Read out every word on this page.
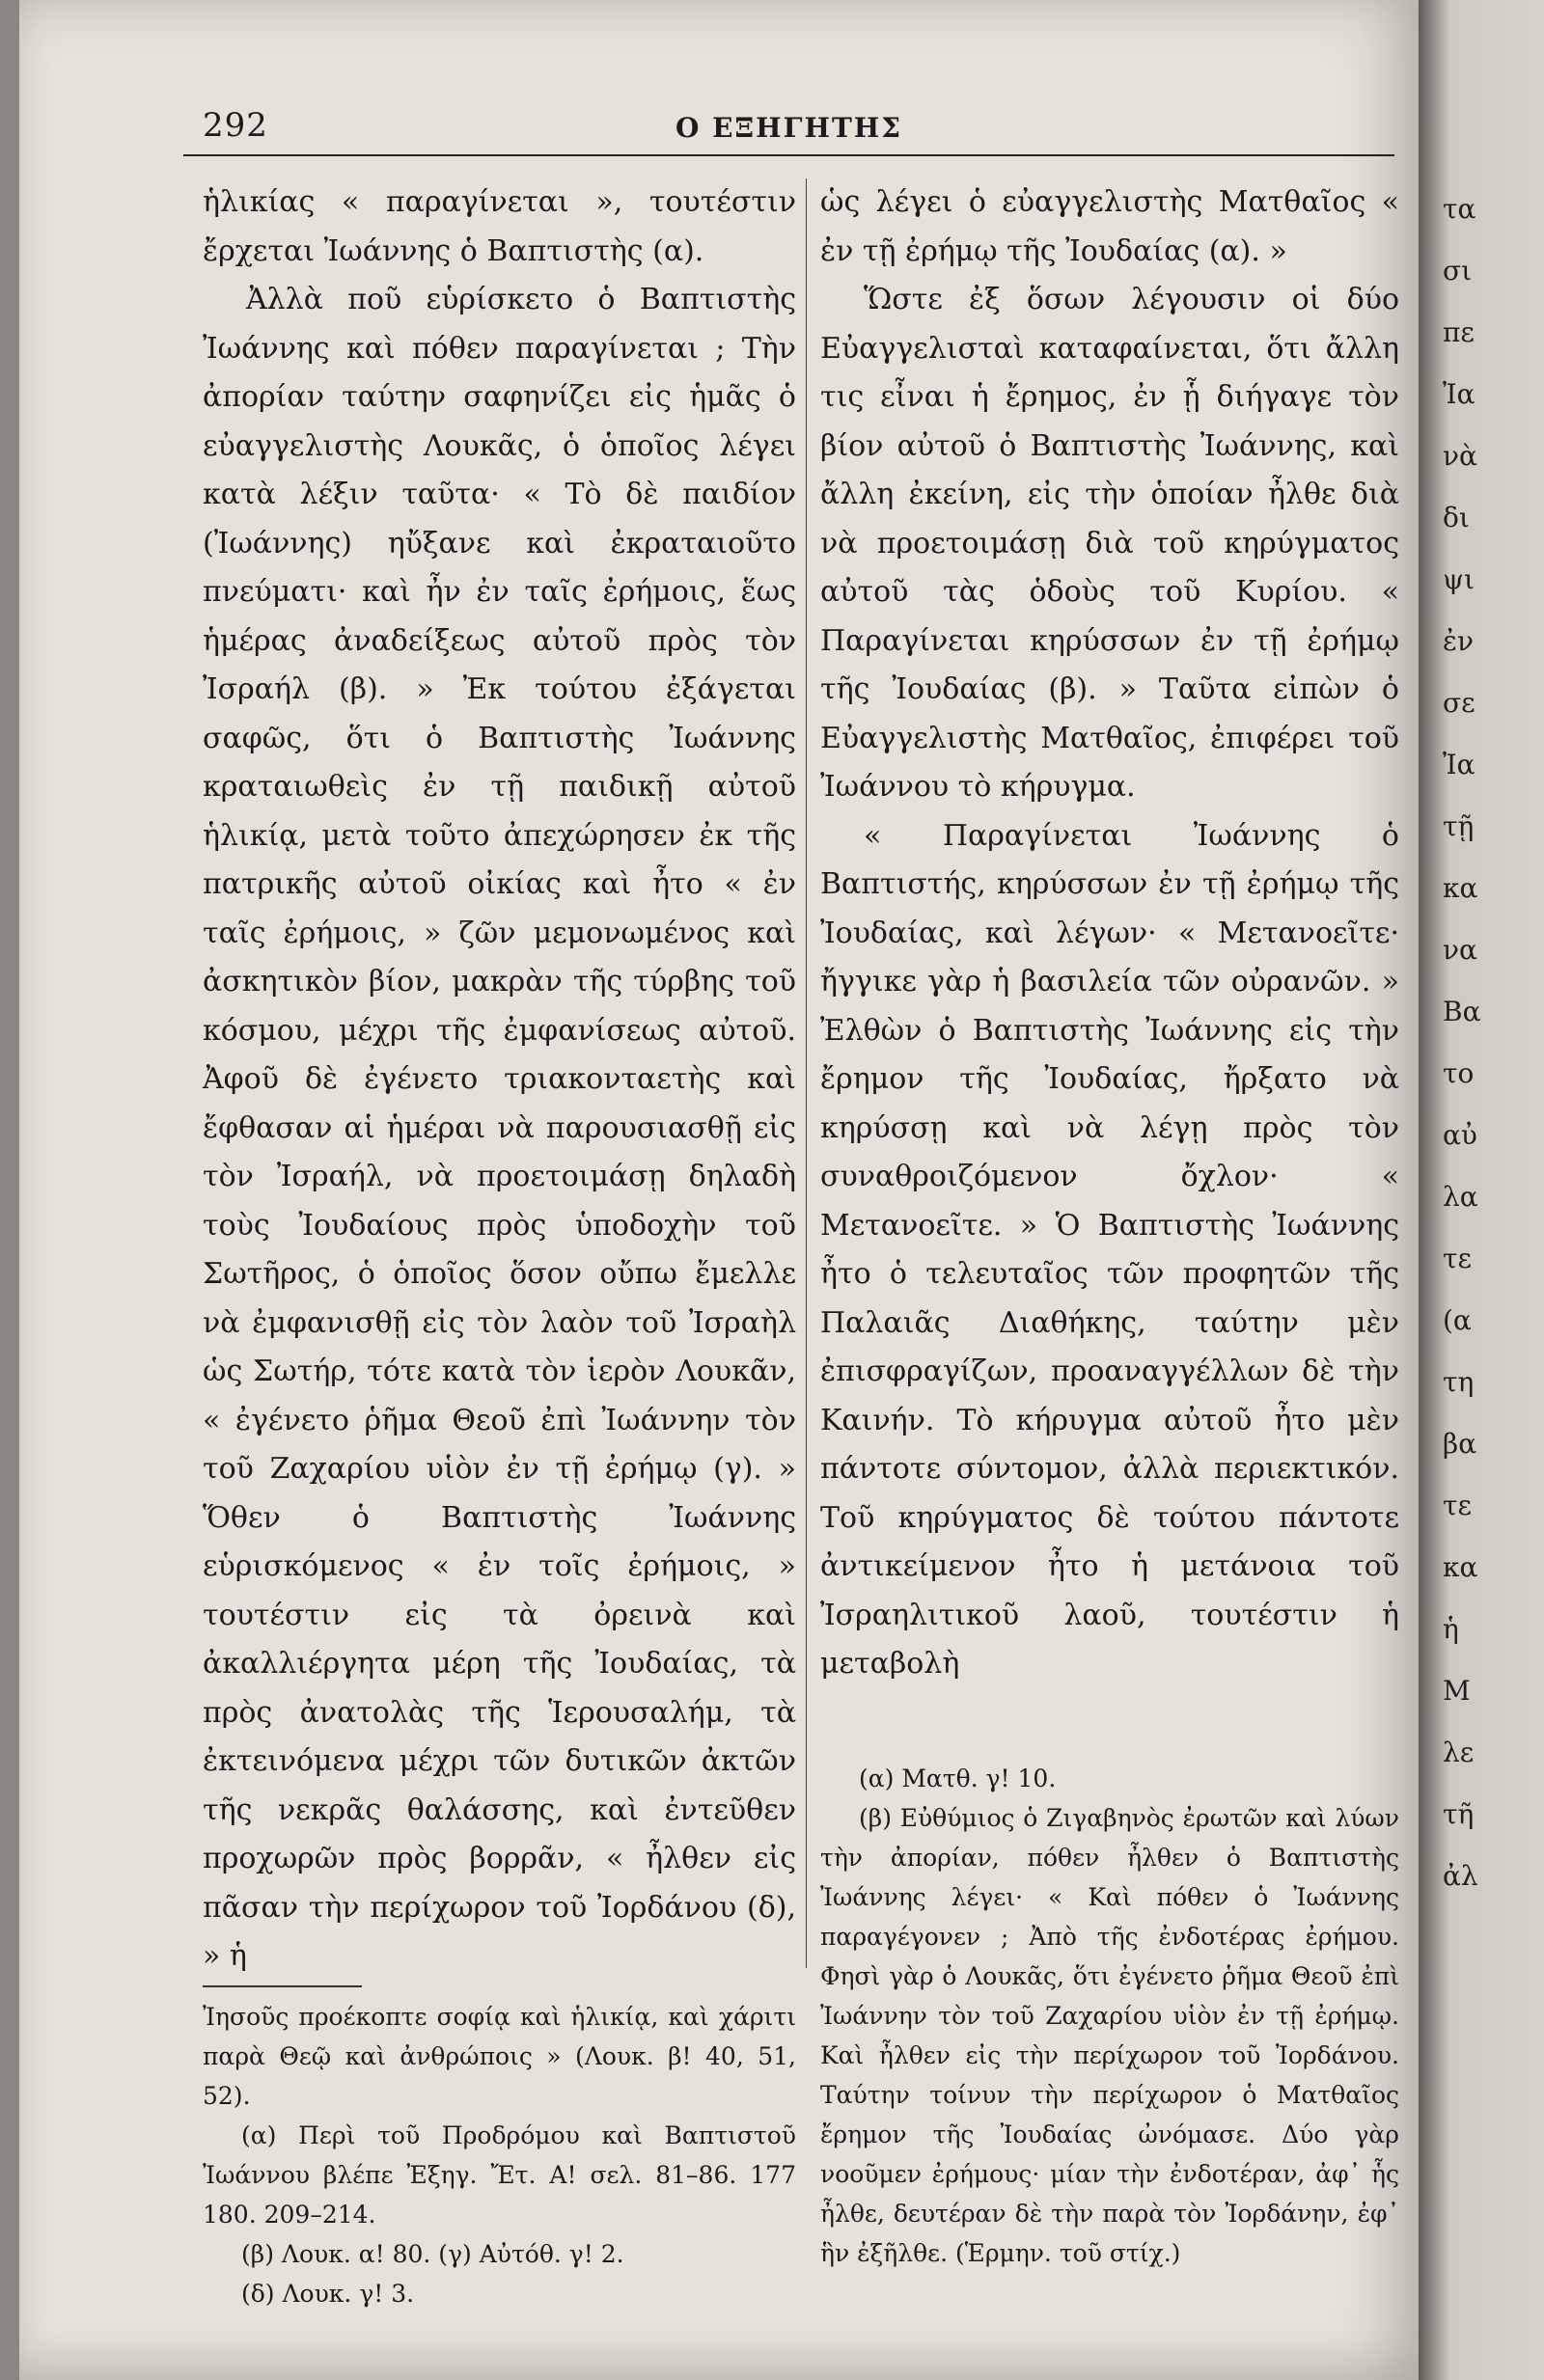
292	Ο ΕΞΗΓΗΤΗΣ

ἡλικίας « παραγίνεται », τουτέστιν ἔρχεται Ἰωάννης ὁ Βαπτιστὴς (α).

Ἀλλὰ ποῦ εὑρίσκετο ὁ Βαπτιστὴς Ἰωάννης καὶ πόθεν παραγίνεται ; Τὴν ἀπορίαν ταύτην σαφηνίζει εἰς ἡμᾶς ὁ εὐαγγελιστὴς Λουκᾶς, ὁ ὁποῖος λέγει κατὰ λέξιν ταῦτα· « Τὸ δὲ παιδίον (Ἰωάννης) ηὔξανε καὶ ἐκραταιοῦτο πνεύματι· καὶ ἦν ἐν ταῖς ἐρήμοις, ἕως ἡμέρας ἀναδείξεως αὐτοῦ πρὸς τὸν Ἰσραήλ (β). » Ἐκ τούτου ἐξάγεται σαφῶς, ὅτι ὁ Βαπτιστὴς Ἰωάννης κραταιωθεὶς ἐν τῇ παιδικῇ αὐτοῦ ἡλικίᾳ, μετὰ τοῦτο ἀπεχώρησεν ἐκ τῆς πατρικῆς αὐτοῦ οἰκίας καὶ ἦτο « ἐν ταῖς ἐρήμοις, » ζῶν μεμονωμένος καὶ ἀσκητικὸν βίον, μακρὰν τῆς τύρβης τοῦ κόσμου, μέχρι τῆς ἐμφανίσεως αὐτοῦ. Ἀφοῦ δὲ ἐγένετο τριακονταετὴς καὶ ἔφθασαν αἱ ἡμέραι νὰ παρουσιασθῇ εἰς τὸν Ἰσραήλ, νὰ προετοιμάσῃ δηλαδὴ τοὺς Ἰουδαίους πρὸς ὑποδοχὴν τοῦ Σωτῆρος, ὁ ὁποῖος ὅσον οὔπω ἔμελλε νὰ ἐμφανισθῇ εἰς τὸν λαὸν τοῦ Ἰσραὴλ ὡς Σωτήρ, τότε κατὰ τὸν ἱερὸν Λουκᾶν, « ἐγένετο ῥῆμα Θεοῦ ἐπὶ Ἰωάννην τὸν τοῦ Ζαχαρίου υἱὸν ἐν τῇ ἐρήμῳ (γ). » Ὅθεν ὁ Βαπτιστὴς Ἰωάννης εὑρισκόμενος « ἐν τοῖς ἐρήμοις, » τουτέστιν εἰς τὰ ὀρεινὰ καὶ ἀκαλλιέργητα μέρη τῆς Ἰουδαίας, τὰ πρὸς ἀνατολὰς τῆς Ἱερουσαλήμ, τὰ ἐκτεινόμενα μέχρι τῶν δυτικῶν ἀκτῶν τῆς νεκρᾶς θαλάσσης, καὶ ἐντεῦθεν προχωρῶν πρὸς βορρᾶν, « ἦλθεν εἰς πᾶσαν τὴν περίχωρον τοῦ Ἰορδάνου (δ), » ἡ

Ἰησοῦς προέκοπτε σοφίᾳ καὶ ἡλικίᾳ, καὶ χάριτι παρὰ Θεῷ καὶ ἀνθρώποις » (Λουκ. β! 40, 51, 52).

(α) Περὶ τοῦ Προδρόμου καὶ Βαπτιστοῦ Ἰωάννου βλέπε Ἐξηγ. Ἔτ. Α! σελ. 81–86. 177 180. 209–214.

(β) Λουκ. α! 80. (γ) Αὐτόθ. γ! 2.

(δ) Λουκ. γ! 3.

ὡς λέγει ὁ εὐαγγελιστὴς Ματθαῖος « ἐν τῇ ἐρήμῳ τῆς Ἰουδαίας (α). »

Ὥστε ἐξ ὅσων λέγουσιν οἱ δύο Εὐαγγελισταὶ καταφαίνεται, ὅτι ἄλλη τις εἶναι ἡ ἔρημος, ἐν ᾗ διήγαγε τὸν βίον αὐτοῦ ὁ Βαπτιστὴς Ἰωάννης, καὶ ἄλλη ἐκείνη, εἰς τὴν ὁποίαν ἦλθε διὰ νὰ προετοιμάσῃ διὰ τοῦ κηρύγματος αὐτοῦ τὰς ὁδοὺς τοῦ Κυρίου. « Παραγίνεται κηρύσσων ἐν τῇ ἐρήμῳ τῆς Ἰουδαίας (β). » Ταῦτα εἰπὼν ὁ Εὐαγγελιστὴς Ματθαῖος, ἐπιφέρει τοῦ Ἰωάννου τὸ κήρυγμα.

« Παραγίνεται Ἰωάννης ὁ Βαπτιστής, κηρύσσων ἐν τῇ ἐρήμῳ τῆς Ἰουδαίας, καὶ λέγων· « Μετανοεῖτε· ἤγγικε γὰρ ἡ βασιλεία τῶν οὐρανῶν. » Ἐλθὼν ὁ Βαπτιστὴς Ἰωάννης εἰς τὴν ἔρημον τῆς Ἰουδαίας, ἤρξατο νὰ κηρύσσῃ καὶ νὰ λέγῃ πρὸς τὸν συναθροιζόμενον ὄχλον· « Μετανοεῖτε. » Ὁ Βαπτιστὴς Ἰωάννης ἦτο ὁ τελευταῖος τῶν προφητῶν τῆς Παλαιᾶς Διαθήκης, ταύτην μὲν ἐπισφραγίζων, προαναγγέλλων δὲ τὴν Καινήν. Τὸ κήρυγμα αὐτοῦ ἦτο μὲν πάντοτε σύντομον, ἀλλὰ περιεκτικόν. Τοῦ κηρύγματος δὲ τούτου πάντοτε ἀντικείμενον ἦτο ἡ μετάνοια τοῦ Ἰσραηλιτικοῦ λαοῦ, τουτέστιν ἡ μεταβολὴ

(α) Ματθ. γ! 10.

(β) Εὐθύμιος ὁ Ζιγαβηνὸς ἐρωτῶν καὶ λύων τὴν ἀπορίαν, πόθεν ἦλθεν ὁ Βαπτιστὴς Ἰωάννης λέγει· « Καὶ πόθεν ὁ Ἰωάννης παραγέγονεν ; Ἀπὸ τῆς ἐνδοτέρας ἐρήμου. Φησὶ γὰρ ὁ Λουκᾶς, ὅτι ἐγένετο ῥῆμα Θεοῦ ἐπὶ Ἰωάννην τὸν τοῦ Ζαχαρίου υἱὸν ἐν τῇ ἐρήμῳ. Καὶ ἦλθεν εἰς τὴν περίχωρον τοῦ Ἰορδάνου. Ταύτην τοίνυν τὴν περίχωρον ὁ Ματθαῖος ἔρημον τῆς Ἰουδαίας ὠνόμασε. Δύο γὰρ νοοῦμεν ἐρήμους· μίαν τὴν ἐνδοτέραν, ἀφ᾽ ἧς ἦλθε, δευτέραν δὲ τὴν παρὰ τὸν Ἰορδάνην, ἐφ᾽ ἣν ἐξῆλθε. (Ἑρμην. τοῦ στίχ.)

τα
σι
πε
Ἰα
νὰ
δι
ψι
ἐν
σε
Ἰα
τῇ
κα
να
Βα
το
αὐ
λα
τε
(α
τη
βα
τε
κα
ἡ
Μ
λε
τῆ
ἀλ
